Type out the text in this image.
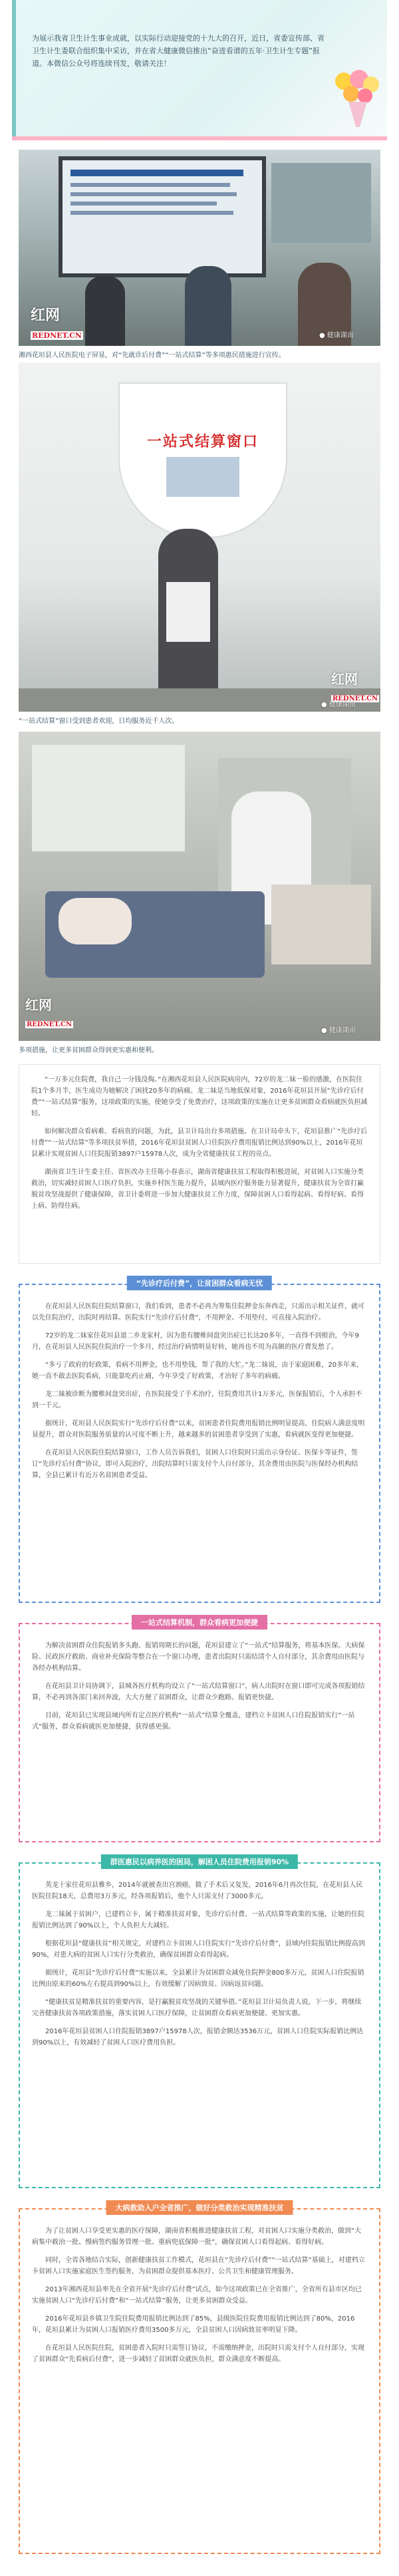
为展示我省卫生计生事业成就，以实际行动迎接党的十九大的召开，近日，省委宣传部、省卫生计生委联合组织集中采访，并在省大健康微信推出“奋进看谱的五年·卫生计生专题”报道。本微信公众号将连续刊发，敬请关注！
红网
REDNET.CN	● 健康湖南
湘西花垣县人民医院电子屏显，对“先就诊后付费”“一站式结算”等多项惠民措施进行宣传。
一站式结算窗口
红网
REDNET.CN
● 健康湖南
“一站式结算”窗口受到患者欢迎，日均服务近千人次。
红网
REDNET.CN
● 健康湖南
多项措施，让更多贫困群众得到更实惠和便利。

“一万多元住院费，我自己一分钱没掏。”在湘西花垣县人民医院病房内，72岁的龙二妹一脸的感激，在医院住院1个多月半，医生成功为她解决了困扰20多年的病痛。龙二妹是当地低保对象，2016年花垣县开展“先诊疗后付费”“一站式结算”服务，这项政策的实施，使她享受了免费治疗，这项政策的实施在让更多贫困群众看病就医负担减轻。

如何解决群众看病难、看病贵的问题，为此，县卫计局出台多项措施。在卫计局牵头下，花垣县推广“先诊疗后付费”“一站式结算”等多项扶贫举措，2016年花垣县贫困人口住院医疗费用报销比例达到90%以上，2016年花垣县累计实现贫困人口住院报销3897户15978人次，成为全省健康扶贫工程的亮点。

湖南省卫生计生委主任、省医改办主任陈小春表示，湖南省健康扶贫工程取得积极进展，对贫困人口实施分类救治，切实减轻贫困人口医疗负担，实施乡村医生能力提升，县域内医疗服务能力显著提升，健康扶贫为全省打赢脱贫攻坚战提供了健康保障，省卫计委将进一步加大健康扶贫工作力度，保障贫困人口看得起病、看得好病、看得上病、防得住病。

“先诊疗后付费”，让贫困群众看病无忧

在花垣县人民医院住院结算窗口，我们看到，患者不必再为筹集住院押金东奔西走，只需出示相关证件，就可以先住院治疗，出院时再结算。医院实行“先诊疗后付费”，不用押金、不用垫付，可直接入院治疗。

72岁的龙二妹家住花垣县道二乡龙家村，因为患有腰椎间盘突出症已长达20多年，一直得不到根治，今年9月，在花垣县人民医院住院治疗一个多月，经过治疗病情明显好转，她再也不用为高额的医疗费发愁了。

“多亏了政府的好政策，看病不用押金，也不用垫钱，帮了我的大忙。”龙二妹说，由于家庭困难，20多年来，她一直不敢去医院看病，只能靠吃药止痛，今年享受了好政策，才治好了多年的病痛。

龙二妹被诊断为腰椎间盘突出症，在医院接受了手术治疗，住院费用共计1万多元，医保报销后，个人承担不到一千元。

据统计，花垣县人民医院实行“先诊疗后付费”以来，贫困患者住院费用报销比例明显提高，住院病人满意度明显提升，群众对医院服务质量的认可度不断上升，越来越多的贫困患者享受到了实惠，看病就医变得更加便捷。

在花垣县人民医院住院结算窗口，工作人员告诉我们，贫困人口住院时只需出示身份证、医保卡等证件，签订“先诊疗后付费”协议，即可入院治疗，出院结算时只需支付个人自付部分，其余费用由医院与医保经办机构结算，全县已累计有近万名贫困患者受益。

一站式结算机制，群众看病更加便捷

为解决贫困群众住院报销多头跑、报销周期长的问题，花垣县建立了“一站式”结算服务，将基本医保、大病保险、民政医疗救助、商业补充保险等整合在一个窗口办理，患者出院时只需结清个人自付部分，其余费用由医院与各经办机构结算。

在花垣县卫计局协调下，县城各医疗机构均设立了“一站式结算窗口”，病人出院时在窗口即可完成各项报销结算，不必再到各部门来回奔波，大大方便了贫困群众，让群众少跑路、报销更快捷。

目前，花垣县已实现县域内所有定点医疗机构“一站式”结算全覆盖，建档立卡贫困人口住院报销实行“一站式”服务，群众看病就医更加便捷，获得感更强。

群医惠民以病养医的困局，解困人员住院费用报销90%

英龙十家住花垣县雅乡，2014年就被查出宫颈癌，做了手术后又复发，2016年6月再次住院，在花垣县人民医院住院18天，总费用3万多元，经各项报销后，他个人只需支付了3000多元。

龙二妹属于贫困户，已建档立卡，属于精准扶贫对象，先诊疗后付费、一站式结算等政策的实施，让她的住院报销比例达到了90%以上，个人负担大大减轻。

根据花垣县“健康扶贫”相关规定，对建档立卡贫困人口住院实行“先诊疗后付费”，县域内住院报销比例提高到90%，对患大病的贫困人口实行分类救治，确保贫困群众看得起病。

据统计，花垣县“先诊疗后付费”实施以来，全县累计为贫困群众减免住院押金800多万元，贫困人口住院报销比例由原来的60%左右提高到90%以上，有效缓解了因病致贫、因病返贫问题。

“健康扶贫是精准扶贫的重要内容，是打赢脱贫攻坚战的关键举措。”花垣县卫计局负责人说，下一步，将继续完善健康扶贫各项政策措施，落实贫困人口医疗保障，让贫困群众看病更加便捷、更加实惠。

2016年花垣县贫困人口住院报销3897户15978人次，报销金额达3536万元，贫困人口住院实际报销比例达到90%以上，有效减轻了贫困人口医疗费用负担。

大病救助入户全省推广，做好分类救治实现精准扶贫

为了让贫困人口享受更实惠的医疗保障，湖南省积极推进健康扶贫工程，对贫困人口实施分类救治，做到“大病集中救治一批、慢病签约服务管理一批、重病兜底保障一批”，确保贫困人口看得起病、看得好病。

同时，全省各地结合实际，创新健康扶贫工作模式，花垣县在“先诊疗后付费”“一站式结算”基础上，对建档立卡贫困人口实施家庭医生签约服务，为贫困群众提供基本医疗、公共卫生和健康管理服务。

2013年湘西花垣县率先在全省开展“先诊疗后付费”试点，如今这项政策已在全省推广，全省所有县市区均已实施贫困人口“先诊疗后付费”和“一站式结算”服务，让更多贫困群众受益。

2016年花垣县乡镇卫生院住院费用报销比例达到了85%，县级医院住院费用报销比例达到了80%，2016年，花垣县累计为贫困人口报销医疗费用3500多万元，全县贫困人口因病致贫率明显下降。

在花垣县人民医院住院，贫困患者入院时只需签订协议，不需缴纳押金，出院时只需支付个人自付部分，实现了贫困群众“先看病后付费”，进一步减轻了贫困群众就医负担，群众满意度不断提高。
